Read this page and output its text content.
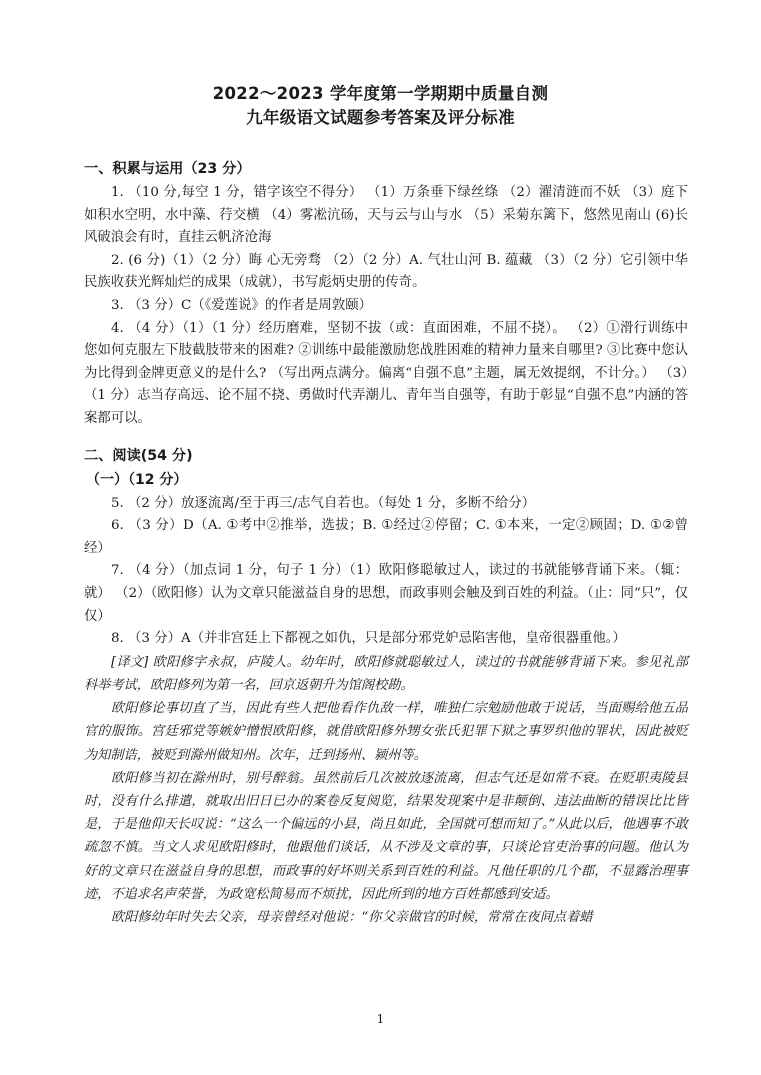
2022～2023 学年度第一学期期中质量自测
九年级语文试题参考答案及评分标准
一、积累与运用（23 分）

1. （10 分,每空 1 分，错字该空不得分） （1）万条垂下绿丝绦 （2）濯清涟而不妖 （3）庭下如积水空明，水中藻、荇交横 （4）雾凇沆砀，天与云与山与水 （5）采菊东篱下，悠然见南山 (6)长风破浪会有时，直挂云帆济沧海

2. (6 分)（1）（2 分）晦 心无旁骛 （2）（2 分）A. 气壮山河 B. 蕴藏 （3）（2 分）它引领中华民族收获光辉灿烂的成果（成就），书写彪炳史册的传奇。

3. （3 分）C（《爱莲说》的作者是周敦颐）

4. （4 分）（1）（1 分）经历磨难，坚韧不拔（或：直面困难，不屈不挠）。 （2）①滑行训练中您如何克服左下肢截肢带来的困难? ②训练中最能激励您战胜困难的精神力量来自哪里? ③比赛中您认为比得到金牌更意义的是什么? （写出两点满分。偏离“自强不息”主题，属无效提纲，不计分。） （3）（1 分）志当存高远、论不屈不挠、勇做时代弄潮儿、青年当自强等，有助于彰显“自强不息”内涵的答案都可以。

二、阅读(54 分)
（一）（12 分）

5. （2 分）放逐流离/至于再三/志气自若也。（每处 1 分，多断不给分）

6. （3 分）D（A. ①考中②推举，选拔；B. ①经过②停留；C. ①本来，一定②顾固；D. ①②曾经）

7. （4 分）（加点词 1 分，句子 1 分）（1）欧阳修聪敏过人，读过的书就能够背诵下来。（辄：就） （2）（欧阳修）认为文章只能滋益自身的思想，而政事则会触及到百姓的利益。（止：同“只”，仅仅）

8. （3 分）A（并非宫廷上下都视之如仇，只是部分邪党妒忌陷害他，皇帝很器重他。）

[译文] 欧阳修字永叔，庐陵人。幼年时，欧阳修就聪敏过人，读过的书就能够背诵下来。参见礼部科举考试，欧阳修列为第一名，回京返朝升为馆阁校勘。

欧阳修论事切直了当，因此有些人把他看作仇敌一样，唯独仁宗勉励他敢于说话，当面赐给他五品官的服饰。宫廷邪党等嫉妒憎恨欧阳修，就借欧阳修外甥女张氏犯罪下狱之事罗织他的罪状，因此被贬为知制诰，被贬到滁州做知州。次年，迁到扬州、颍州等。

欧阳修当初在滁州时，别号醉翁。虽然前后几次被放逐流离，但志气还是如常不衰。在贬职夷陵县时，没有什么排遣，就取出旧日已办的案卷反复阅览，结果发现案中是非颠倒、违法曲断的错误比比皆是，于是他仰天长叹说：“这么一个偏远的小县，尚且如此，全国就可想而知了。”从此以后，他遇事不敢疏忽不慎。当文人求见欧阳修时，他跟他们谈话，从不涉及文章的事，只谈论官吏治事的问题。他认为好的文章只在滋益自身的思想，而政事的好坏则关系到百姓的利益。凡他任职的几个郡，不显露治理事迹，不追求名声荣誉，为政宽松简易而不烦扰，因此所到的地方百姓都感到安适。

欧阳修幼年时失去父亲，母亲曾经对他说：“你父亲做官的时候，常常在夜间点着蜡

1
